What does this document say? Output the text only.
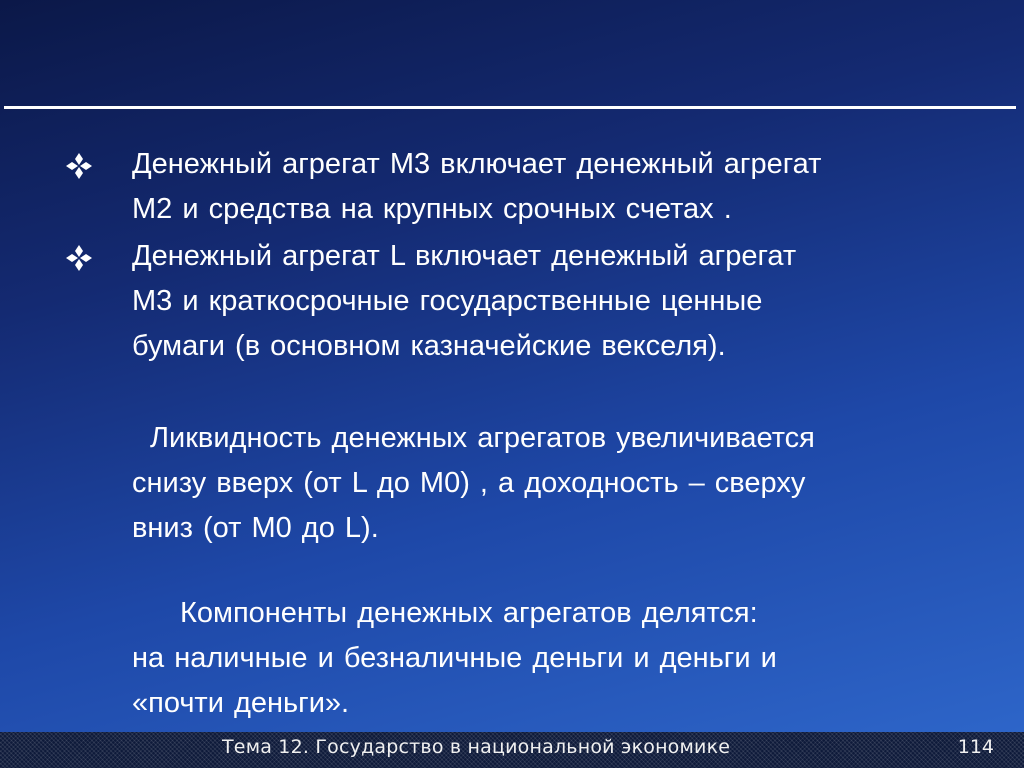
Денежный агрегат М3 включает денежный агрегат
М2 и средства на крупных срочных счетах .
Денежный агрегат L включает денежный агрегат
М3 и краткосрочные государственные ценные
бумаги (в основном казначейские векселя).
Ликвидность денежных агрегатов увеличивается
снизу вверх (от L до М0) , а доходность – сверху
вниз (от М0 до L).
Компоненты денежных агрегатов делятся:
на наличные и безналичные деньги и деньги и
«почти деньги».
Тема 12. Государство в национальной экономике	114
